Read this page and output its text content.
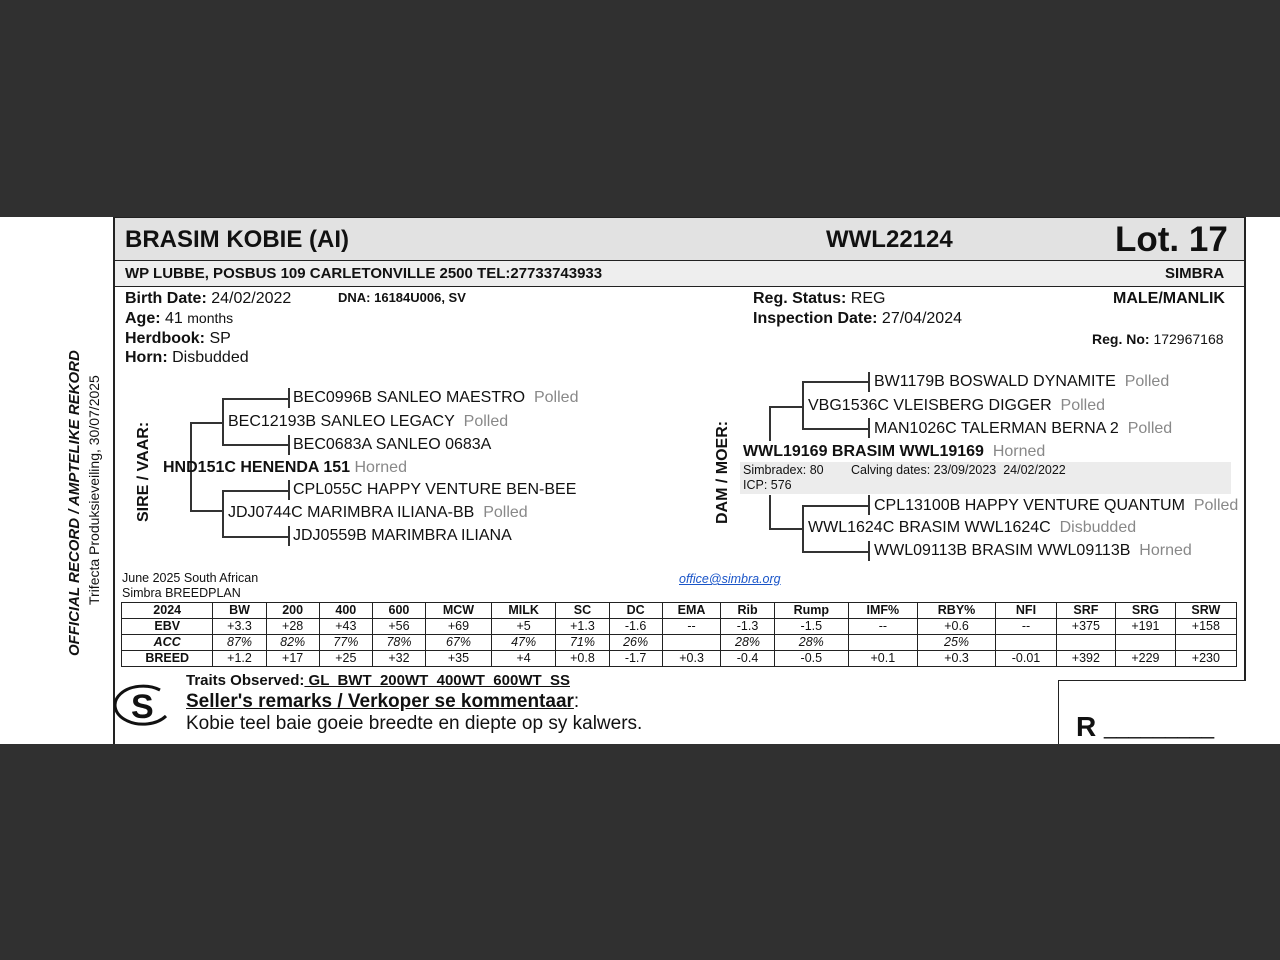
OFFICIAL RECORD / AMPTELIKE REKORD Trifecta Produksieveiling, 30/07/2025
BRASIM KOBIE (AI)	WWL22124	Lot. 17
WP LUBBE, POSBUS 109 CARLETONVILLE 2500 TEL:27733743933	SIMBRA
Birth Date: 24/02/2022
Age: 41 months
Herdbook: SP
Horn: Disbudded
DNA: 16184U006, SV	Reg. Status: REG
Inspection Date: 27/04/2024
MALE/MANLIK
Reg. No: 172967168
SIRE / VAAR:
BEC0996B SANLEO MAESTRO Polled
BEC12193B SANLEO LEGACY Polled
BEC0683A SANLEO 0683A
HND151C HENENDA 151 Horned
CPL055C HAPPY VENTURE BEN-BEE
JDJ0744C MARIMBRA ILIANA-BB Polled
JDJ0559B MARIMBRA ILIANA
DAM / MOER:
BW1179B BOSWALD DYNAMITE Polled
VBG1536C VLEISBERG DIGGER Polled
MAN1026C TALERMAN BERNA 2 Polled
WWL19169 BRASIM WWL19169 Horned
Simbradex: 80 Calving dates: 23/09/2023  24/02/2022
ICP: 576
CPL13100B HAPPY VENTURE QUANTUM Polled
WWL1624C BRASIM WWL1624C Disbudded
WWL09113B BRASIM WWL09113B Horned
June 2025 South African
Simbra BREEDPLAN
office@simbra.org
2024	BW	200	400	600	MCW	MILK	SC	DC	EMA	Rib	Rump	IMF%	RBY%	NFI	SRF	SRG	SRW
EBV	+3.3	+28	+43	+56	+69	+5	+1.3	-1.6	--	-1.3	-1.5	--	+0.6	--	+375	+191	+158
ACC	87%	82%	77%	78%	67%	47%	71%	26%		28%	28%		25%				
BREED	+1.2	+17	+25	+32	+35	+4	+0.8	-1.7	+0.3	-0.4	-0.5	+0.1	+0.3	-0.01	+392	+229	+230
S
Traits Observed: GL  BWT  200WT  400WT  600WT  SS
Seller's remarks / Verkoper se kommentaar:
Kobie teel baie goeie breedte en diepte op sy kalwers.	R _________
